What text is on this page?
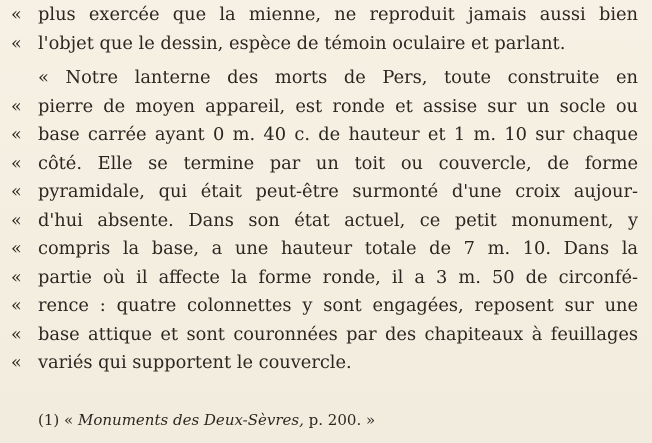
« plus exercée que la mienne, ne reproduit jamais aussi bien
« l'objet que le dessin, espèce de témoin oculaire et parlant.
« Notre lanterne des morts de Pers, toute construite en
« pierre de moyen appareil, est ronde et assise sur un socle ou
« base carrée ayant 0 m. 40 c. de hauteur et 1 m. 10 sur chaque
« côté. Elle se termine par un toit ou couvercle, de forme
« pyramidale, qui était peut-être surmonté d'une croix aujour-
« d'hui absente. Dans son état actuel, ce petit monument, y
« compris la base, a une hauteur totale de 7 m. 10. Dans la
« partie où il affecte la forme ronde, il a 3 m. 50 de circonfé-
« rence : quatre colonnettes y sont engagées, reposent sur une
« base attique et sont couronnées par des chapiteaux à feuillages
« variés qui supportent le couvercle.
(1) « Monuments des Deux-Sèvres, p. 200. »
